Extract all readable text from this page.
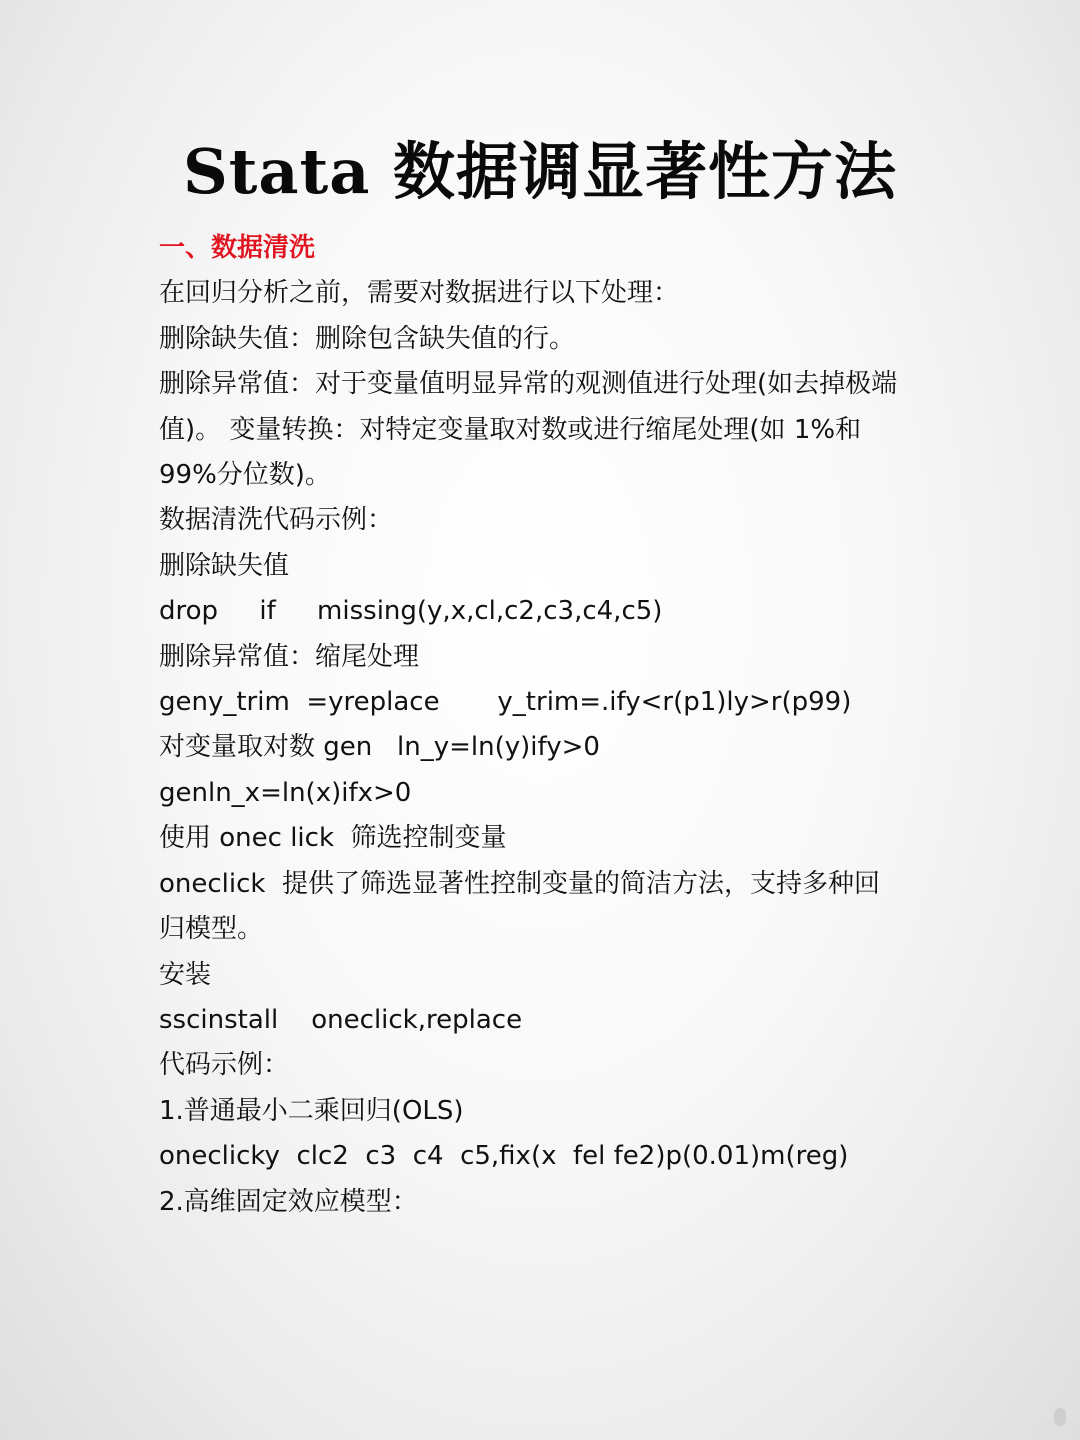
Stata 数据调显著性方法
一、数据清洗
在回归分析之前，需要对数据进行以下处理：
删除缺失值：删除包含缺失值的行。
删除异常值：对于变量值明显异常的观测值进行处理(如去掉极端
值)。 变量转换：对特定变量取对数或进行缩尾处理(如 1%和
99%分位数)。
数据清洗代码示例：
删除缺失值
drop     if     missing(y,x,cl,c2,c3,c4,c5)
删除异常值：缩尾处理
geny_trim  =yreplace       y_trim=.ify<r(p1)ly>r(p99)
对变量取对数 gen   ln_y=ln(y)ify>0
genln_x=ln(x)ifx>0
使用 onec lick  筛选控制变量
oneclick  提供了筛选显著性控制变量的简洁方法，支持多种回
归模型。
安装
sscinstall    oneclick,replace
代码示例：
1.普通最小二乘回归(OLS)
oneclicky  clc2  c3  c4  c5,fix(x  fel fe2)p(0.01)m(reg)
2.高维固定效应模型：
